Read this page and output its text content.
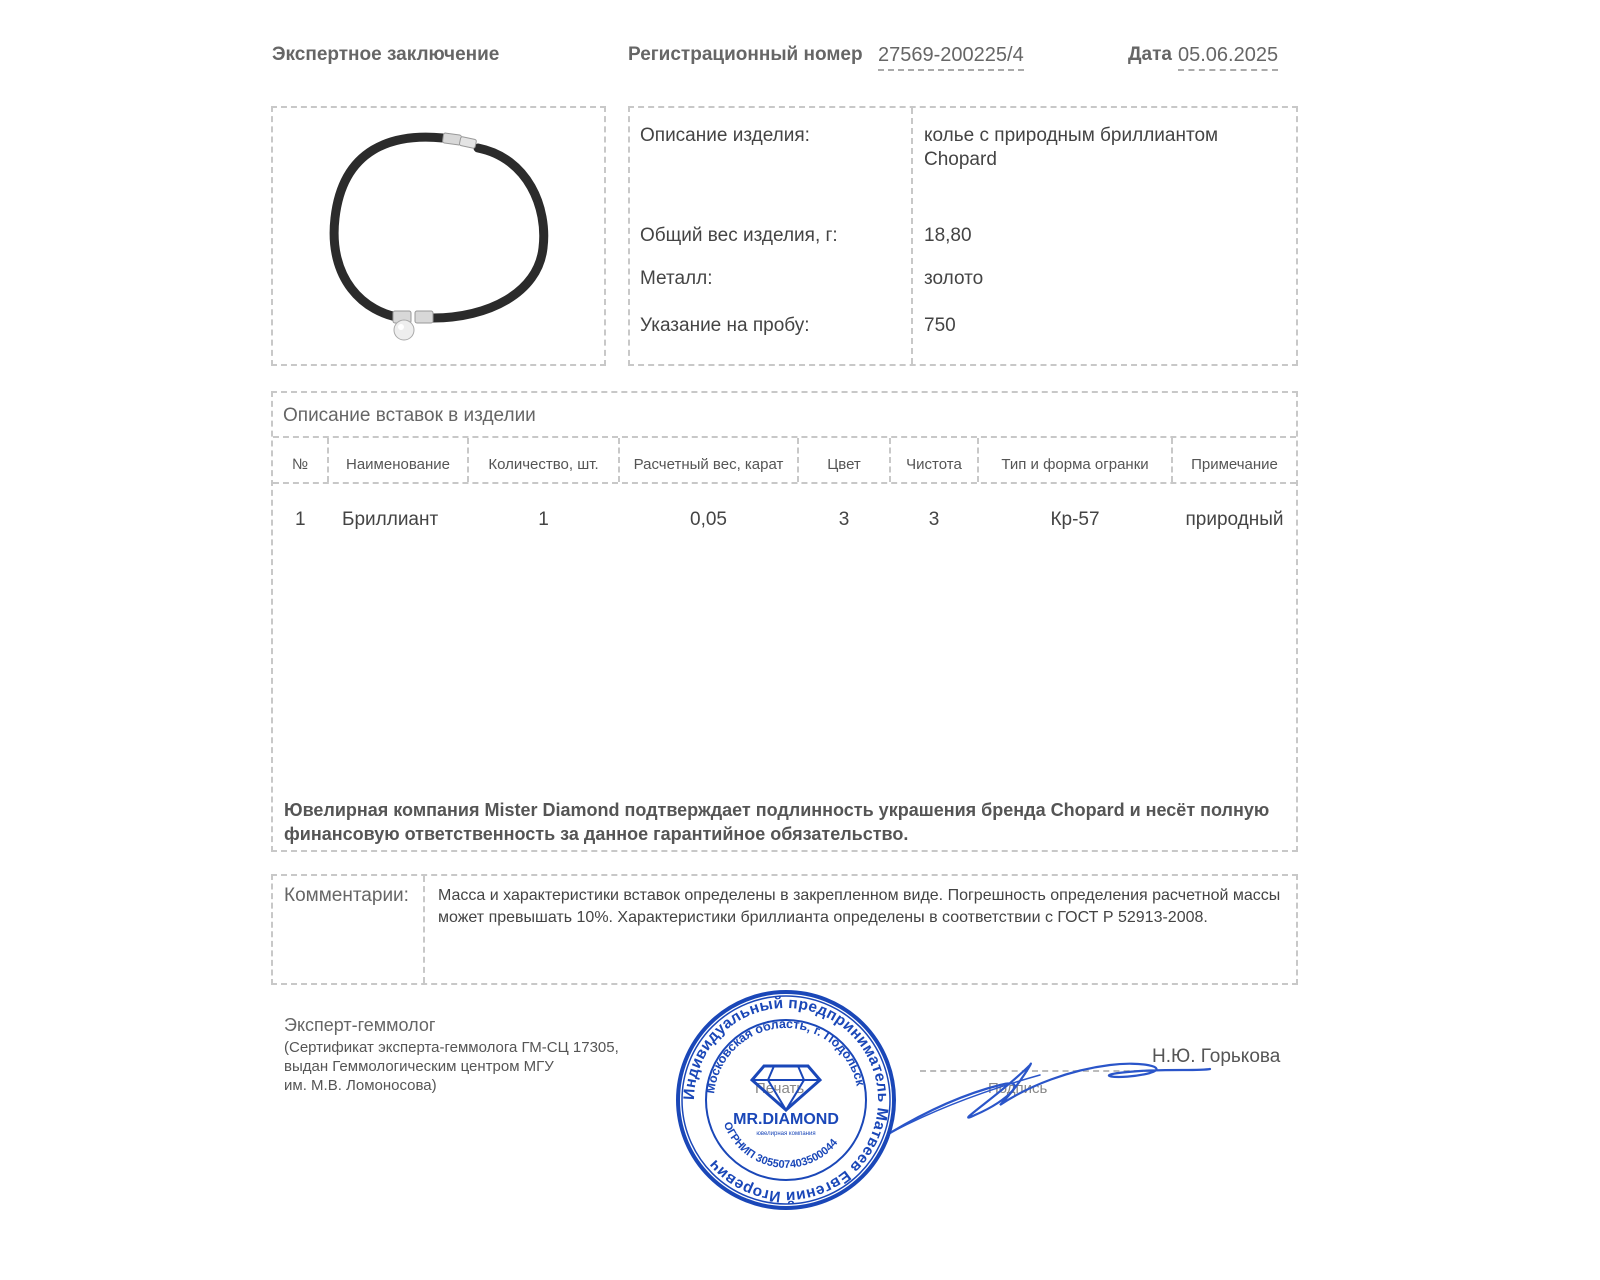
Экспертное заключение	Регистрационный номер 27569-200225/4	Дата 05.06.2025
Описание изделия:	колье с природным бриллиантом Chopard
Общий вес изделия, г:	18,80
Металл:	золото
Указание на пробу:	750
Описание вставок в изделии
№	Наименование	Количество, шт.	Расчетный вес, карат	Цвет	Чистота	Тип и форма огранки	Примечание
1 Бриллиант	1	0,05	3	3	Кр-57	природный
Ювелирная компания Mister Diamond подтверждает подлинность украшения бренда Chopard и несёт полную финансовую ответственность за данное гарантийное обязательство.
Комментарии: Масса и характеристики вставок определены в закрепленном виде. Погрешность определения расчетной массы может превышать 10%. Характеристики бриллианта определены в соответствии с ГОСТ Р 52913-2008.
Эксперт-геммолог
(Сертификат эксперта-геммолога ГМ-СЦ 17305,
выдан Геммологическим центром МГУ
им. М.В. Ломоносова)	Печать	Подпись
Н.Ю. Горькова
Индивидуальный предприниматель Матвеев Евгений Игоревич
Московская область, г. Подольск
ОГРНИП 305507403500044
MR.DIAMOND
ювелирная компания
